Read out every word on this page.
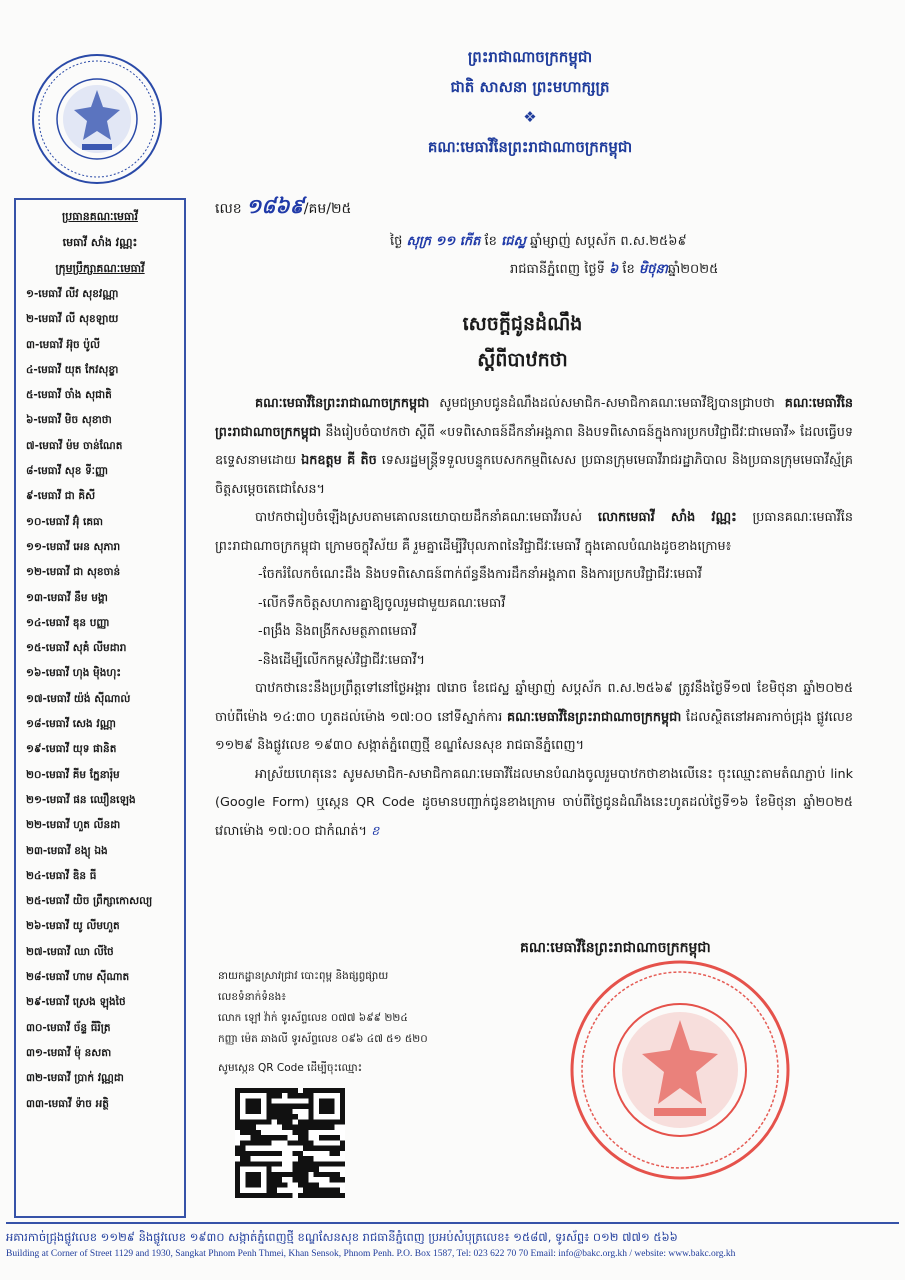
ព្រះរាជាណាចក្រកម្ពុជា
ជាតិ សាសនា ព្រះមហាក្សត្រ
❖
គណៈមេធាវីនៃព្រះរាជាណាចក្រកម្ពុជា
ប្រធានគណៈមេធាវី
មេធាវី សាំង វណ្ណះ
ក្រុមប្រឹក្សាគណៈមេធាវី
១-មេធាវី លីវ សុខវណ្ណា
២-មេធាវី លី សុខឡាយ
៣-មេធាវី អ៊ុច ប៉ូលី
៤-មេធាវី យុត កែវសុខ្ខា
៥-មេធាវី ចាំង សុជាតិ
៦-មេធាវី មិច សុខាថា
៧-មេធាវី ម៉ម ចាន់ណែត
៨-មេធាវី សុខ ទីៈញ្ញា
៩-មេធាវី ជា គិសី
១០-មេធាវី អ៊ុំ គេធា
១១-មេធាវី អេន សុភារា
១២-មេធាវី ជា សុខចាន់
១៣-មេធាវី នឹម មង្គា
១៤-មេធាវី ឌុន បញ្ញា
១៥-មេធាវី សុគំ លីមដារា
១៦-មេធាវី ហុង ម៉ិងហុះ
១៧-មេធាវី យ៉ង់ ស៊ីណាល់
១៨-មេធាវី សេង វណ្ណា
១៩-មេធាវី យុទ ផានិត
២០-មេធាវី គីម កែ្ននារ៉ុម
២១-មេធាវី ផន ឈឿនឡេង
២២-មេធាវី ហួត លីនដា
២៣-មេធាវី ខង្យុ ឯង
២៤-មេធាវី ឌិន ធី
២៥-មេធាវី យិច ព្រឹក្សាកោសល្យ
២៦-មេធាវី យូ លីមហួត
២៧-មេធាវី ឈា លីថៃ
២៨-មេធាវី ហាម ស៊ីណាត
២៩-មេធាវី ស្រេង ឡុងថៃ
៣០-មេធាវី ច័ន្ទ ធីរិត្រ
៣១-មេធាវី ម៉ុ នសតា
៣២-មេធាវី ប្រាក់ វណ្ណដា
៣៣-មេធាវី ទ៉ាច អត្ថិ
លេខ ១៨៦៩/គម/២៥
ថ្ងៃ សុក្រ ១១ កើត ខែ ជេស្ឋ ឆ្នាំម្សាញ់ សប្តស័ក ព.ស.២៥៦៩
រាជធានីភ្នំពេញ ថ្ងៃទី ៦ ខែ មិថុនាឆ្នាំ២០២៥
សេចក្តីជូនដំណឹង
ស្តីពីបាឋកថា

គណៈមេធាវីនៃព្រះរាជាណាចក្រកម្ពុជា សូមជម្រាបជូនដំណឹងដល់សមាជិក-សមាជិកាគណៈមេធាវីឱ្យបានជ្រាបថា គណៈមេធាវីនៃព្រះរាជាណាចក្រកម្ពុជា នឹងរៀបចំបាឋកថា ស្តីពី «បទពិសោធន៍ដឹកនាំអង្គភាព និងបទពិសោធន៍ក្នុងការប្រកបវិជ្ជាជីវៈជាមេធាវី» ដែលធ្វើបទឧទ្ទេសនាមដោយ ឯកឧត្តម គី តិច ទេសរដ្ឋមន្ត្រីទទួលបន្ទុកបេសកកម្មពិសេស ប្រធានក្រុមមេធាវីរាជរដ្ឋាភិបាល និងប្រធានក្រុមមេធាវីស្ម័គ្រចិត្តសម្តេចតេជោសែន។

បាឋកថារៀបចំឡើងស្របតាមគោលនយោបាយដឹកនាំគណៈមេធាវីរបស់ លោកមេធាវី សាំង វណ្ណះ ប្រធានគណៈមេធាវីនៃព្រះរាជាណាចក្រកម្ពុជា ក្រោមចក្ខុវិស័យ គឺ រួមគ្នាដើម្បីវិបុលភាពនៃវិជ្ជាជីវៈមេធាវី ក្នុងគោលបំណងដូចខាងក្រោម៖

-ចែករំលែកចំណេះដឹង និងបទពិសោធន៍ពាក់ព័ន្ធនឹងការដឹកនាំអង្គភាព និងការប្រកបវិជ្ជាជីវៈមេធាវី
-លើកទឹកចិត្តសហការគ្នាឱ្យចូលរួមជាមួយគណៈមេធាវី
-ពង្រឹង និងពង្រីកសមត្ថភាពមេធាវី
-និងដើម្បីលើកកម្ពស់វិជ្ជាជីវៈមេធាវី។

បាឋកថានេះនឹងប្រព្រឹត្តទៅនៅថ្ងៃអង្គារ ៧រោច ខែជេស្ឋ ឆ្នាំម្សាញ់ សប្តស័ក ព.ស.២៥៦៩ ត្រូវនឹងថ្ងៃទី១៧ ខែមិថុនា ឆ្នាំ២០២៥ ចាប់ពីម៉ោង ១៤:៣០ ហូតដល់ម៉ោង ១៧:០០ នៅទីស្នាក់ការ គណៈមេធាវីនៃព្រះរាជាណាចក្រកម្ពុជា ដែលស្ថិតនៅអគារកាច់ជ្រុង ផ្លូវលេខ ១១២៩ និងផ្លូវលេខ ១៩៣០ សង្កាត់ភ្នំពេញថ្មី ខណ្ឌសែនសុខ រាជធានីភ្នំពេញ។

អាស្រ័យហេតុនេះ សូមសមាជិក-សមាជិកាគណៈមេធាវីដែលមានបំណងចូលរួមបាឋកថាខាងលើនេះ ចុះឈ្មោះតាមតំណភ្ជាប់ link (Google Form) ឬស្កេន QR Code ដូចមានបញ្ជាក់ជូនខាងក្រោម ចាប់ពីថ្ងៃជូនដំណឹងនេះហូតដល់ថ្ងៃទី១៦ ខែមិថុនា ឆ្នាំ២០២៥ វេលាម៉ោង ១៧:០០ ជាកំណត់។ ខ

គណៈមេធាវីនៃព្រះរាជាណាចក្រកម្ពុជា
នាយកដ្ឋានស្រាវជ្រាវ បោះពុម្ព និងផ្សព្វផ្សាយ
លេខទំនាក់ទំនង៖
លោក ឡៅ វ៉ាក់ ទូរស័ព្ទលេខ ០៧៧ ៦៩៩ ២២៤
កញ្ញា ម៉េត ឆាងលី ទូរស័ព្ទលេខ ០៩៦ ៤៧ ៥១ ៥២០
សូមស្កេន QR Code ដើម្បីចុះឈ្មោះ
អគារកាច់ជ្រុងផ្លូវលេខ ១១២៩ និងផ្លូវលេខ ១៩៣០ សង្កាត់ភ្នំពេញថ្មី ខណ្ឌសែនសុខ រាជធានីភ្នំពេញ ប្រអប់សំបុត្រលេខ៖ ១៥៨៧, ទូរស័ព្ទ៖ ០១២ ៧៧១ ៥៦៦
Building at Corner of Street 1129 and 1930, Sangkat Phnom Penh Thmei, Khan Sensok, Phnom Penh. P.O. Box 1587, Tel: 023 622 70 70 Email: info@bakc.org.kh / website: www.bakc.org.kh
